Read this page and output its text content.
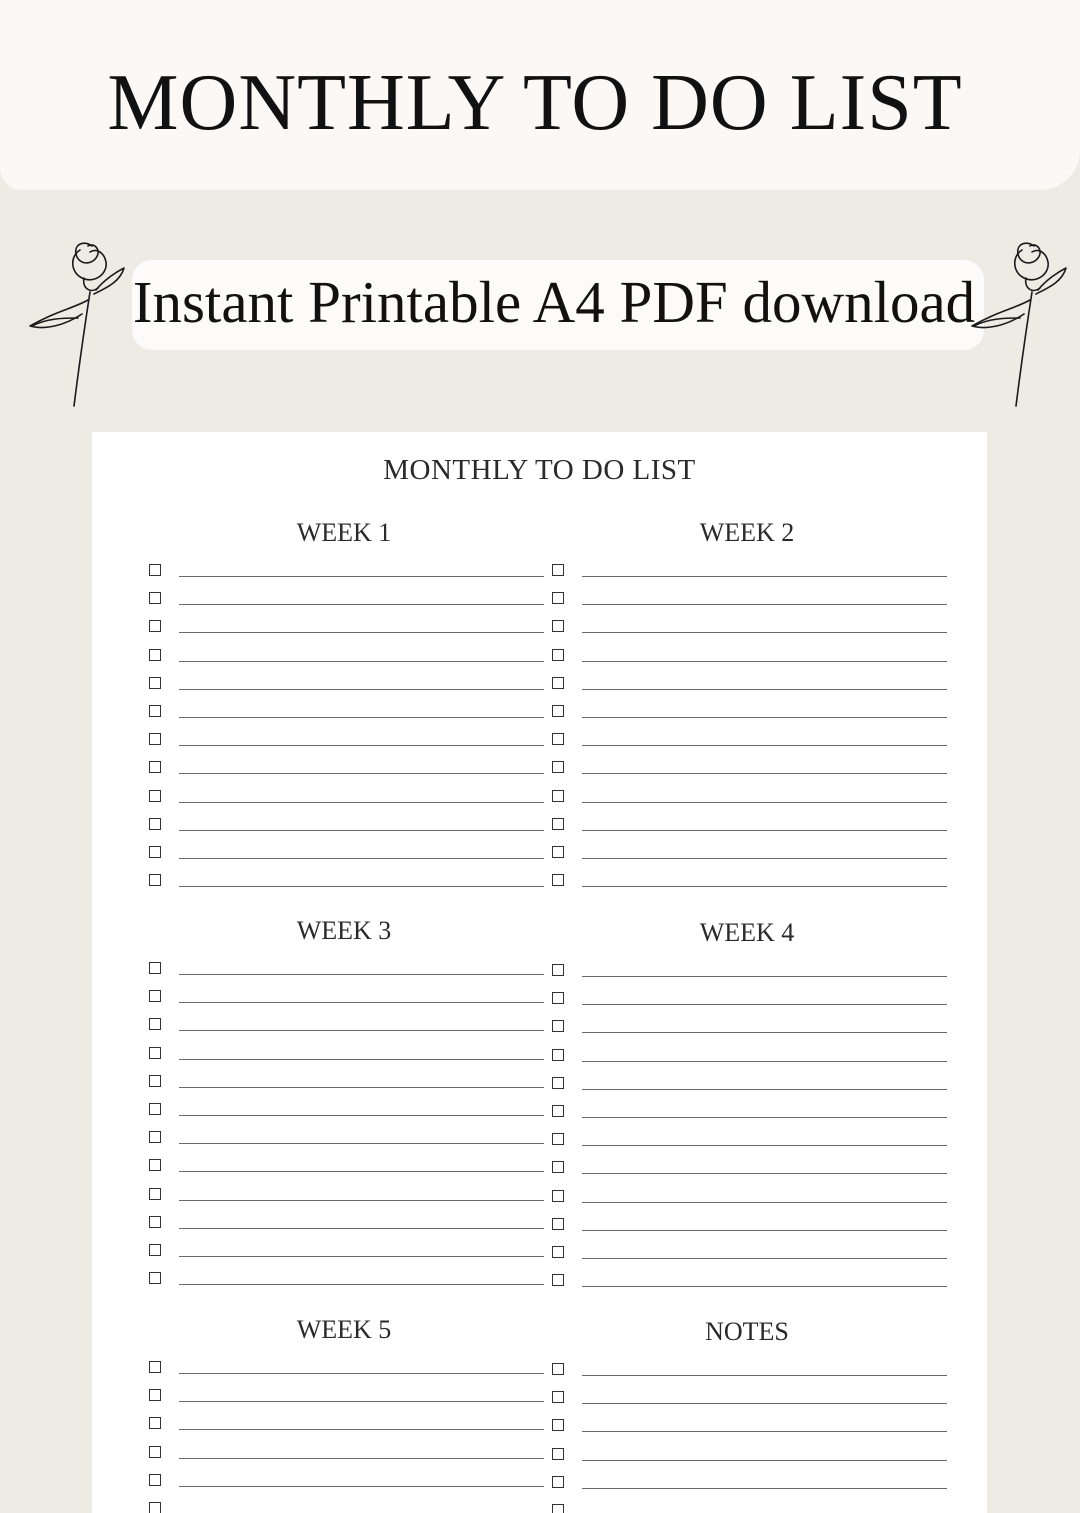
MONTHLY TO DO LIST
Instant Printable A4 PDF download
MONTHLY TO DO LIST
WEEK 1	WEEK 2
WEEK 3	WEEK 4
WEEK 5	NOTES
